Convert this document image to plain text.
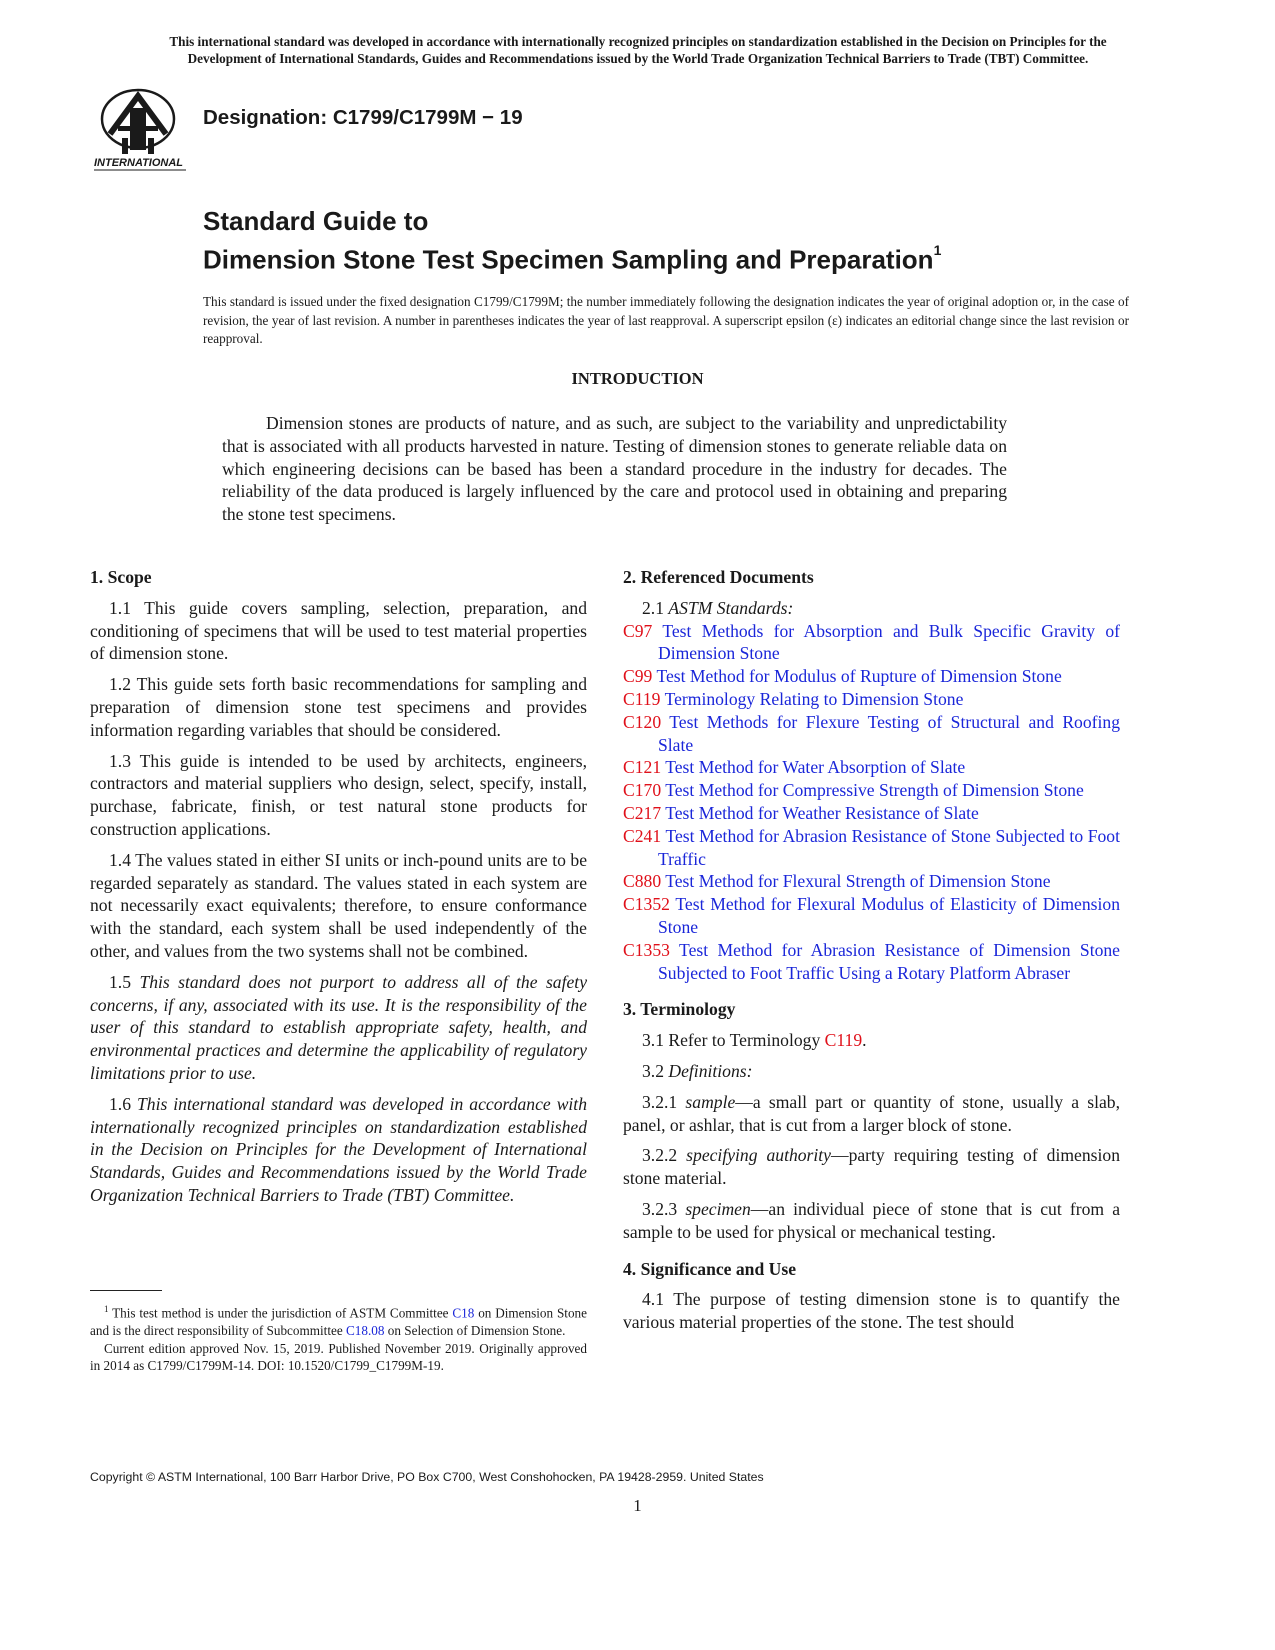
This international standard was developed in accordance with internationally recognized principles on standardization established in the Decision on Principles for the
Development of International Standards, Guides and Recommendations issued by the World Trade Organization Technical Barriers to Trade (TBT) Committee.
INTERNATIONAL
Designation: C1799/C1799M − 19
Standard Guide to
Dimension Stone Test Specimen Sampling and Preparation$^1$
This standard is issued under the fixed designation C1799/C1799M; the number immediately following the designation indicates the year of original adoption or, in the case of revision, the year of last revision. A number in parentheses indicates the year of last reapproval. A superscript epsilon (ε) indicates an editorial change since the last revision or reapproval.
INTRODUCTION
Dimension stones are products of nature, and as such, are subject to the variability and unpredictability that is associated with all products harvested in nature. Testing of dimension stones to generate reliable data on which engineering decisions can be based has been a standard procedure in the industry for decades. The reliability of the data produced is largely influenced by the care and protocol used in obtaining and preparing the stone test specimens.

1. Scope

1.1 This guide covers sampling, selection, preparation, and conditioning of specimens that will be used to test material properties of dimension stone.

1.2 This guide sets forth basic recommendations for sampling and preparation of dimension stone test specimens and provides information regarding variables that should be considered.

1.3 This guide is intended to be used by architects, engineers, contractors and material suppliers who design, select, specify, install, purchase, fabricate, finish, or test natural stone products for construction applications.

1.4 The values stated in either SI units or inch-pound units are to be regarded separately as standard. The values stated in each system are not necessarily exact equivalents; therefore, to ensure conformance with the standard, each system shall be used independently of the other, and values from the two systems shall not be combined.

1.5 This standard does not purport to address all of the safety concerns, if any, associated with its use. It is the responsibility of the user of this standard to establish appropriate safety, health, and environmental practices and determine the applicability of regulatory limitations prior to use.

1.6 This international standard was developed in accordance with internationally recognized principles on standardization established in the Decision on Principles for the Development of International Standards, Guides and Recommendations issued by the World Trade Organization Technical Barriers to Trade (TBT) Committee.

$^1$ This test method is under the jurisdiction of ASTM Committee C18 on Dimension Stone and is the direct responsibility of Subcommittee C18.08 on Selection of Dimension Stone.

Current edition approved Nov. 15, 2019. Published November 2019. Originally approved in 2014 as C1799/C1799M-14. DOI: 10.1520/C1799_C1799M-19.

2. Referenced Documents

2.1 ASTM Standards:

C97 Test Methods for Absorption and Bulk Specific Gravity of Dimension Stone

C99 Test Method for Modulus of Rupture of Dimension Stone

C119 Terminology Relating to Dimension Stone

C120 Test Methods for Flexure Testing of Structural and Roofing Slate

C121 Test Method for Water Absorption of Slate

C170 Test Method for Compressive Strength of Dimension Stone

C217 Test Method for Weather Resistance of Slate

C241 Test Method for Abrasion Resistance of Stone Subjected to Foot Traffic

C880 Test Method for Flexural Strength of Dimension Stone

C1352 Test Method for Flexural Modulus of Elasticity of Dimension Stone

C1353 Test Method for Abrasion Resistance of Dimension Stone Subjected to Foot Traffic Using a Rotary Platform Abraser

3. Terminology

3.1 Refer to Terminology C119.

3.2 Definitions:

3.2.1 sample—a small part or quantity of stone, usually a slab, panel, or ashlar, that is cut from a larger block of stone.

3.2.2 specifying authority—party requiring testing of dimension stone material.

3.2.3 specimen—an individual piece of stone that is cut from a sample to be used for physical or mechanical testing.

4. Significance and Use

4.1 The purpose of testing dimension stone is to quantify the various material properties of the stone. The test should

Copyright © ASTM International, 100 Barr Harbor Drive, PO Box C700, West Conshohocken, PA 19428-2959. United States
1
